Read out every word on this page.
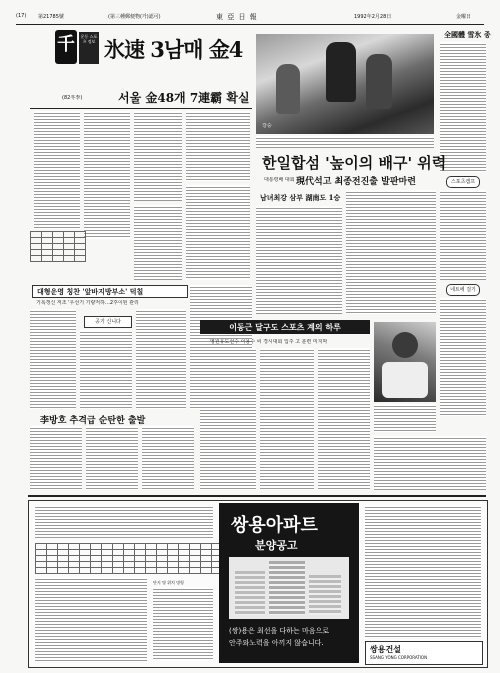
(17) 第21785號	(第三種郵便物(가)認可)	東 亞 日 報	1992年2月28日	金曜日
千	운동 스포츠 정보 氷速 3남매 金4
(82冬季)	서울 金48개 7連霸 확실

강승
全國體 雪氷 종
스포츠캠프
네트에 걸기
한일합섬 '높이의 배구' 위력
대통령배 대회 現代석고 최종전진출 발판마련
남녀최강 삼부 湖南도 1승
대형운영 칭찬 '앞바지방부소' 덕칠
기록갱신 저조 '우선기 기량저하…2후이된 관리
공기 신니다
李방호 추격급 순탄한 출발
이동근 달구도 스포츠 계의 하루
영원유도선수 이용수 씨 경시대회 입주 고 훈련 미지막

단지 명 위치 명령
쌍용아파트
분양공고
(쌍)용은 최선을 다하는 마음으로
안주와노력을 아끼지 않습니다.
쌍용건설
SSANG YONG CORPORATION
